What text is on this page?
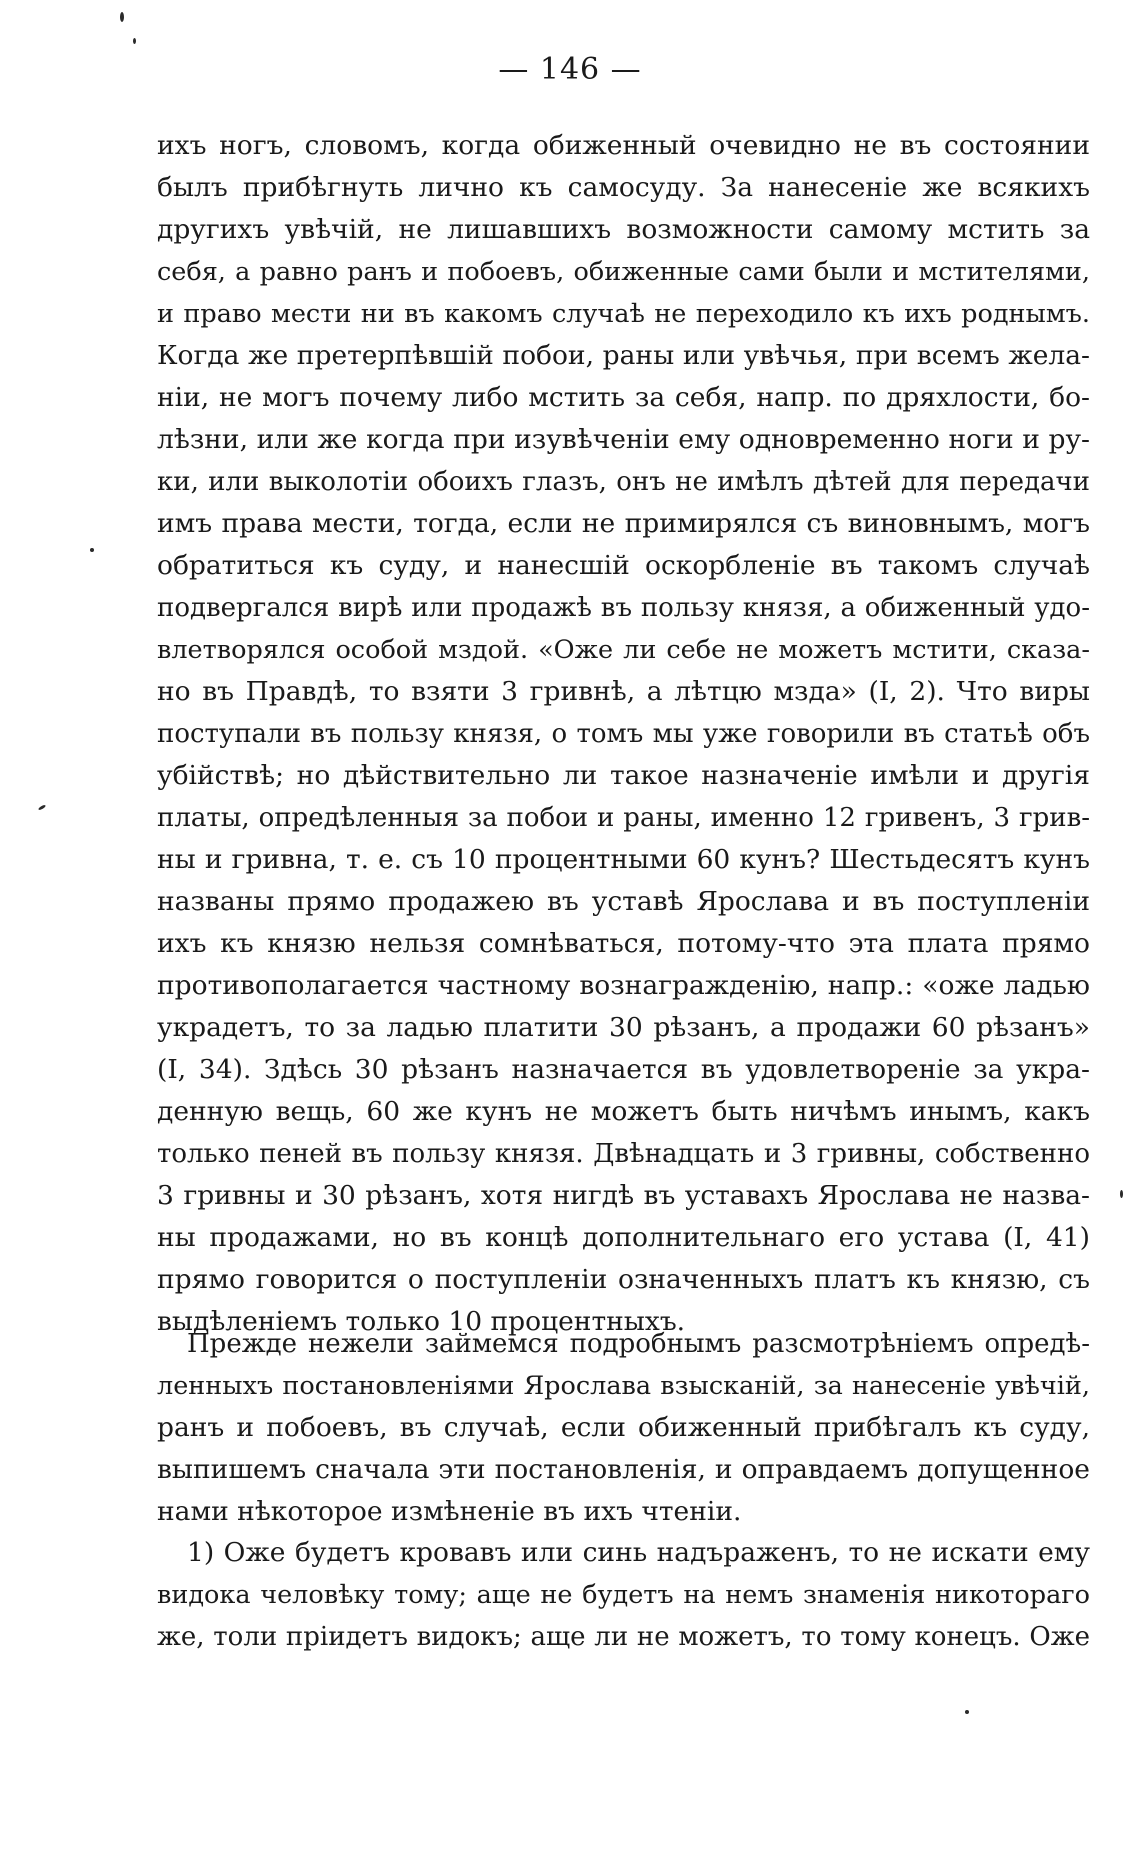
— 146 —
ихъ ногъ, словомъ, когда обиженный очевидно не въ состоянии
былъ прибѣгнуть лично къ самосуду. За нанесеніе же всякихъ
другихъ увѣчій, не лишавшихъ возможности самому мстить за
себя, а равно ранъ и побоевъ, обиженные сами были и мстителями,
и право мести ни въ какомъ случаѣ не переходило къ ихъ роднымъ.
Когда же претерпѣвшій побои, раны или увѣчья, при всемъ жела-
ніи, не могъ почему либо мстить за себя, напр. по дряхлости, бо-
лѣзни, или же когда при изувѣченіи ему одновременно ноги и ру-
ки, или выколотіи обоихъ глазъ, онъ не имѣлъ дѣтей для передачи
имъ права мести, тогда, если не примирялся съ виновнымъ, могъ
обратиться къ суду, и нанесшій оскорбленіе въ такомъ случаѣ
подвергался вирѣ или продажѣ въ пользу князя, а обиженный удо-
влетворялся особой мздой. «Оже ли себе не можетъ мстити, сказа-
но въ Правдѣ, то взяти 3 гривнѣ, а лѣтцю мзда» (I, 2). Что виры
поступали въ пользу князя, о томъ мы уже говорили въ статьѣ объ
убійствѣ; но дѣйствительно ли такое назначеніе имѣли и другія
платы, опредѣленныя за побои и раны, именно 12 гривенъ, 3 грив-
ны и гривна, т. е. съ 10 процентными 60 кунъ? Шестьдесятъ кунъ
названы прямо продажею въ уставѣ Ярослава и въ поступленіи
ихъ къ князю нельзя сомнѣваться, потому-что эта плата прямо
противополагается частному вознагражденію, напр.: «оже ладью
украдетъ, то за ладью платити 30 рѣзанъ, а продажи 60 рѣзанъ»
(I, 34). Здѣсь 30 рѣзанъ назначается въ удовлетвореніе за укра-
денную вещь, 60 же кунъ не можетъ быть ничѣмъ инымъ, какъ
только пеней въ пользу князя. Двѣнадцать и 3 гривны, собственно
3 гривны и 30 рѣзанъ, хотя нигдѣ въ уставахъ Ярослава не назва-
ны продажами, но въ концѣ дополнительнаго его устава (I, 41)
прямо говорится о поступленіи означенныхъ платъ къ князю, съ
выдѣленіемъ только 10 процентныхъ.
Прежде нежели займемся подробнымъ разсмотрѣніемъ опредѣ-
ленныхъ постановленіями Ярослава взысканій, за нанесеніе увѣчій,
ранъ и побоевъ, въ случаѣ, если обиженный прибѣгалъ къ суду,
выпишемъ сначала эти постановленія, и оправдаемъ допущенное
нами нѣкоторое измѣненіе въ ихъ чтеніи.
1) Оже будетъ кровавъ или синь надъраженъ, то не искати ему
видока человѣку тому; аще не будетъ на немъ знаменія никотораго
же, толи пріидетъ видокъ; аще ли не можетъ, то тому конецъ. Оже
